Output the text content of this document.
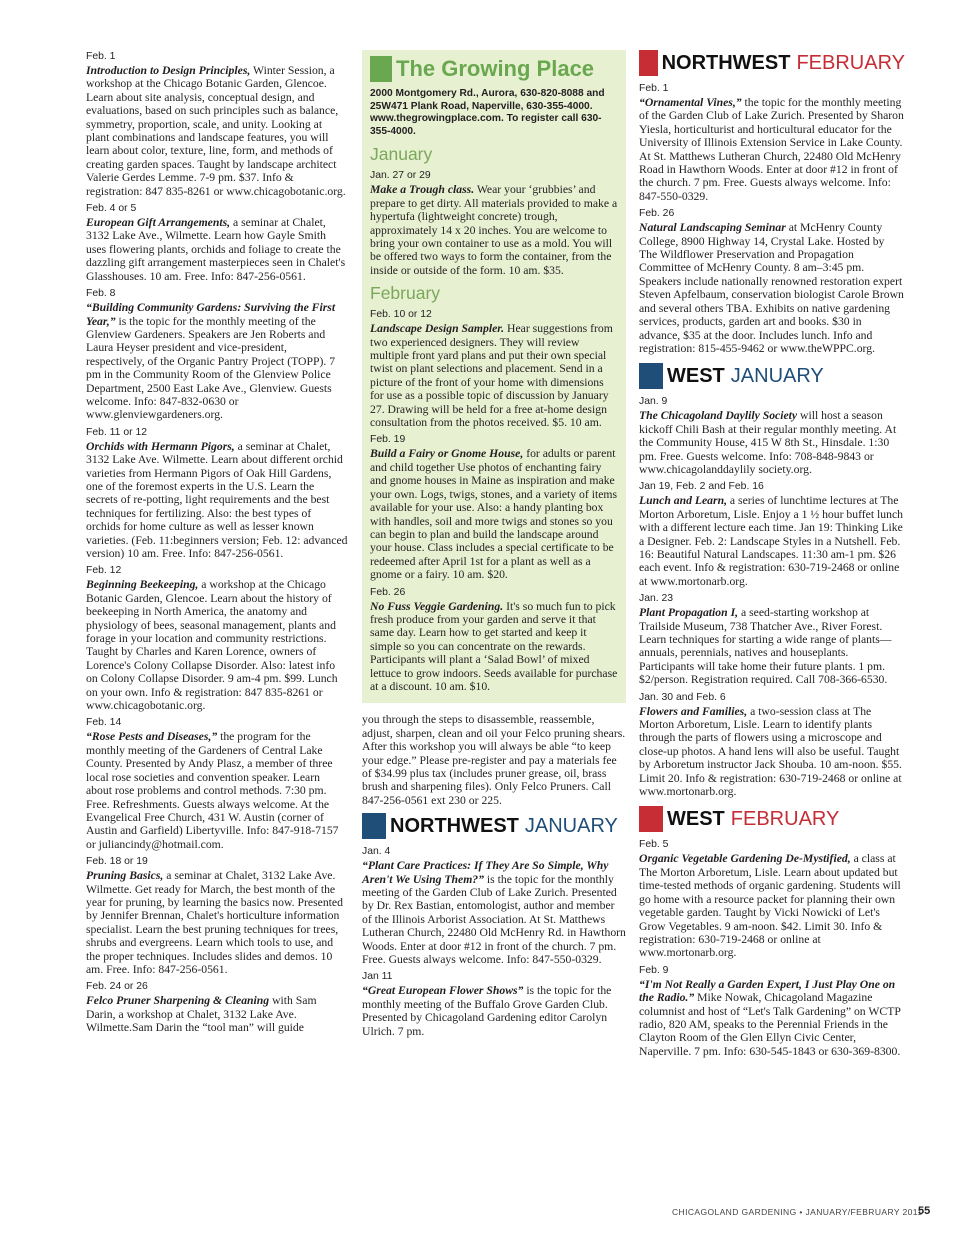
Feb. 1

Introduction to Design Principles, Winter Session, a workshop at the Chicago Botanic Garden, Glencoe. Learn about site analysis, conceptual design, and evaluations, based on such principles such as balance, symmetry, proportion, scale, and unity. Looking at plant combinations and landscape features, you will learn about color, texture, line, form, and methods of creating garden spaces. Taught by landscape architect Valerie Gerdes Lemme. 7-9 pm. $37. Info & registration: 847 835-8261 or www.chicagobotanic.org.

Feb. 4 or 5

European Gift Arrangements, a seminar at Chalet, 3132 Lake Ave., Wilmette. Learn how Gayle Smith uses flowering plants, orchids and foliage to create the dazzling gift arrangement masterpieces seen in Chalet's Glasshouses. 10 am. Free. Info: 847-256-0561.

Feb. 8

“Building Community Gardens: Surviving the First Year,” is the topic for the monthly meeting of the Glenview Gardeners. Speakers are Jen Roberts and Laura Heyser president and vice-president, respectively, of the Organic Pantry Project (TOPP). 7 pm in the Community Room of the Glenview Police Department, 2500 East Lake Ave., Glenview. Guests welcome. Info: 847-832-0630 or www.glenviewgardeners.org.

Feb. 11 or 12

Orchids with Hermann Pigors, a seminar at Chalet, 3132 Lake Ave. Wilmette. Learn about different orchid varieties from Hermann Pigors of Oak Hill Gardens, one of the foremost experts in the U.S. Learn the secrets of re-potting, light requirements and the best techniques for fertilizing. Also: the best types of orchids for home culture as well as lesser known varieties. (Feb. 11:beginners version; Feb. 12: advanced version) 10 am. Free. Info: 847-256-0561.

Feb. 12

Beginning Beekeeping, a workshop at the Chicago Botanic Garden, Glencoe. Learn about the history of beekeeping in North America, the anatomy and physiology of bees, seasonal management, plants and forage in your location and community restrictions. Taught by Charles and Karen Lorence, owners of Lorence's Colony Collapse Disorder. Also: latest info on Colony Collapse Disorder. 9 am-4 pm. $99. Lunch on your own. Info & registration: 847 835-8261 or www.chicagobotanic.org.

Feb. 14

“Rose Pests and Diseases,” the program for the monthly meeting of the Gardeners of Central Lake County. Presented by Andy Plasz, a member of three local rose societies and convention speaker. Learn about rose problems and control methods. 7:30 pm. Free. Refreshments. Guests always welcome. At the Evangelical Free Church, 431 W. Austin (corner of Austin and Garfield) Libertyville. Info: 847-918-7157 or juliancindy@hotmail.com.

Feb. 18 or 19

Pruning Basics, a seminar at Chalet, 3132 Lake Ave. Wilmette. Get ready for March, the best month of the year for pruning, by learning the basics now. Presented by Jennifer Brennan, Chalet's horticulture information specialist. Learn the best pruning techniques for trees, shrubs and evergreens. Learn which tools to use, and the proper techniques. Includes slides and demos. 10 am. Free. Info: 847-256-0561.

Feb. 24 or 26

Felco Pruner Sharpening & Cleaning with Sam Darin, a workshop at Chalet, 3132 Lake Ave. Wilmette.Sam Darin the “tool man” will guide

The Growing Place

2000 Montgomery Rd., Aurora, 630-820-8088 and 25W471 Plank Road, Naperville, 630-355-4000. www.thegrowingplace.com. To register call 630-355-4000.

January

Jan. 27 or 29

Make a Trough class. Wear your ‘grubbies’ and prepare to get dirty. All materials provided to make a hypertufa (lightweight concrete) trough, approximately 14 x 20 inches. You are welcome to bring your own container to use as a mold. You will be offered two ways to form the container, from the inside or outside of the form. 10 am. $35.

February

Feb. 10 or 12

Landscape Design Sampler. Hear suggestions from two experienced designers. They will review multiple front yard plans and put their own special twist on plant selections and placement. Send in a picture of the front of your home with dimensions for use as a possible topic of discussion by January 27. Drawing will be held for a free at-home design consultation from the photos received. $5. 10 am.

Feb. 19

Build a Fairy or Gnome House, for adults or parent and child together Use photos of enchanting fairy and gnome houses in Maine as inspiration and make your own. Logs, twigs, stones, and a variety of items available for your use. Also: a handy planting box with handles, soil and more twigs and stones so you can begin to plan and build the landscape around your house. Class includes a special certificate to be redeemed after April 1st for a plant as well as a gnome or a fairy. 10 am. $20.

Feb. 26

No Fuss Veggie Gardening. It's so much fun to pick fresh produce from your garden and serve it that same day. Learn how to get started and keep it simple so you can concentrate on the rewards. Participants will plant a ‘Salad Bowl’ of mixed lettuce to grow indoors. Seeds available for purchase at a discount. 10 am. $10.

you through the steps to disassemble, reassemble, adjust, sharpen, clean and oil your Felco pruning shears. After this workshop you will always be able “to keep your edge.” Please pre-register and pay a materials fee of $34.99 plus tax (includes pruner grease, oil, brass brush and sharpening files). Only Felco Pruners. Call 847-256-0561 ext 230 or 225.

NORTHWEST JANUARY

Jan. 4

“Plant Care Practices: If They Are So Simple, Why Aren't We Using Them?” is the topic for the monthly meeting of the Garden Club of Lake Zurich. Presented by Dr. Rex Bastian, entomologist, author and member of the Illinois Arborist Association. At St. Matthews Lutheran Church, 22480 Old McHenry Rd. in Hawthorn Woods. Enter at door #12 in front of the church. 7 pm. Free. Guests always welcome. Info: 847-550-0329.

Jan 11

“Great European Flower Shows” is the topic for the monthly meeting of the Buffalo Grove Garden Club. Presented by Chicagoland Gardening editor Carolyn Ulrich. 7 pm.

NORTHWEST FEBRUARY

Feb. 1

“Ornamental Vines,” the topic for the monthly meeting of the Garden Club of Lake Zurich. Presented by Sharon Yiesla, horticulturist and horticultural educator for the University of Illinois Extension Service in Lake County. At St. Matthews Lutheran Church, 22480 Old McHenry Road in Hawthorn Woods. Enter at door #12 in front of the church. 7 pm. Free. Guests always welcome. Info: 847-550-0329.

Feb. 26

Natural Landscaping Seminar at McHenry County College, 8900 Highway 14, Crystal Lake. Hosted by The Wildflower Preservation and Propagation Committee of McHenry County. 8 am–3:45 pm. Speakers include nationally renowned restoration expert Steven Apfelbaum, conservation biologist Carole Brown and several others TBA. Exhibits on native gardening services, products, garden art and books. $30 in advance, $35 at the door. Includes lunch. Info and registration: 815-455-9462 or www.theWPPC.org.

WEST JANUARY

Jan. 9

The Chicagoland Daylily Society will host a season kickoff Chili Bash at their regular monthly meeting. At the Community House, 415 W 8th St., Hinsdale. 1:30 pm. Free. Guests welcome. Info: 708-848-9843 or www.chicagolanddaylily society.org.

Jan 19, Feb. 2 and Feb. 16

Lunch and Learn, a series of lunchtime lectures at The Morton Arboretum, Lisle. Enjoy a 1 ½ hour buffet lunch with a different lecture each time. Jan 19: Thinking Like a Designer. Feb. 2: Landscape Styles in a Nutshell. Feb. 16: Beautiful Natural Landscapes. 11:30 am-1 pm. $26 each event. Info & registration: 630-719-2468 or online at www.mortonarb.org.

Jan. 23

Plant Propagation I, a seed-starting workshop at Trailside Museum, 738 Thatcher Ave., River Forest. Learn techniques for starting a wide range of plants—annuals, perennials, natives and houseplants. Participants will take home their future plants. 1 pm. $2/person. Registration required. Call 708-366-6530.

Jan. 30 and Feb. 6

Flowers and Families, a two-session class at The Morton Arboretum, Lisle. Learn to identify plants through the parts of flowers using a microscope and close-up photos. A hand lens will also be useful. Taught by Arboretum instructor Jack Shouba. 10 am-noon. $55. Limit 20. Info & registration: 630-719-2468 or online at www.mortonarb.org.

WEST FEBRUARY

Feb. 5

Organic Vegetable Gardening De-Mystified, a class at The Morton Arboretum, Lisle. Learn about updated but time-tested methods of organic gardening. Students will go home with a resource packet for planning their own vegetable garden. Taught by Vicki Nowicki of Let's Grow Vegetables. 9 am-noon. $42. Limit 30. Info & registration: 630-719-2468 or online at www.mortonarb.org.

Feb. 9

“I'm Not Really a Garden Expert, I Just Play One on the Radio.” Mike Nowak, Chicagoland Magazine columnist and host of “Let's Talk Gardening” on WCTP radio, 820 AM, speaks to the Perennial Friends in the Clayton Room of the Glen Ellyn Civic Center, Naperville. 7 pm. Info: 630-545-1843 or 630-369-8300.

CHICAGOLAND GARDENING • JANUARY/FEBRUARY 2011
55
